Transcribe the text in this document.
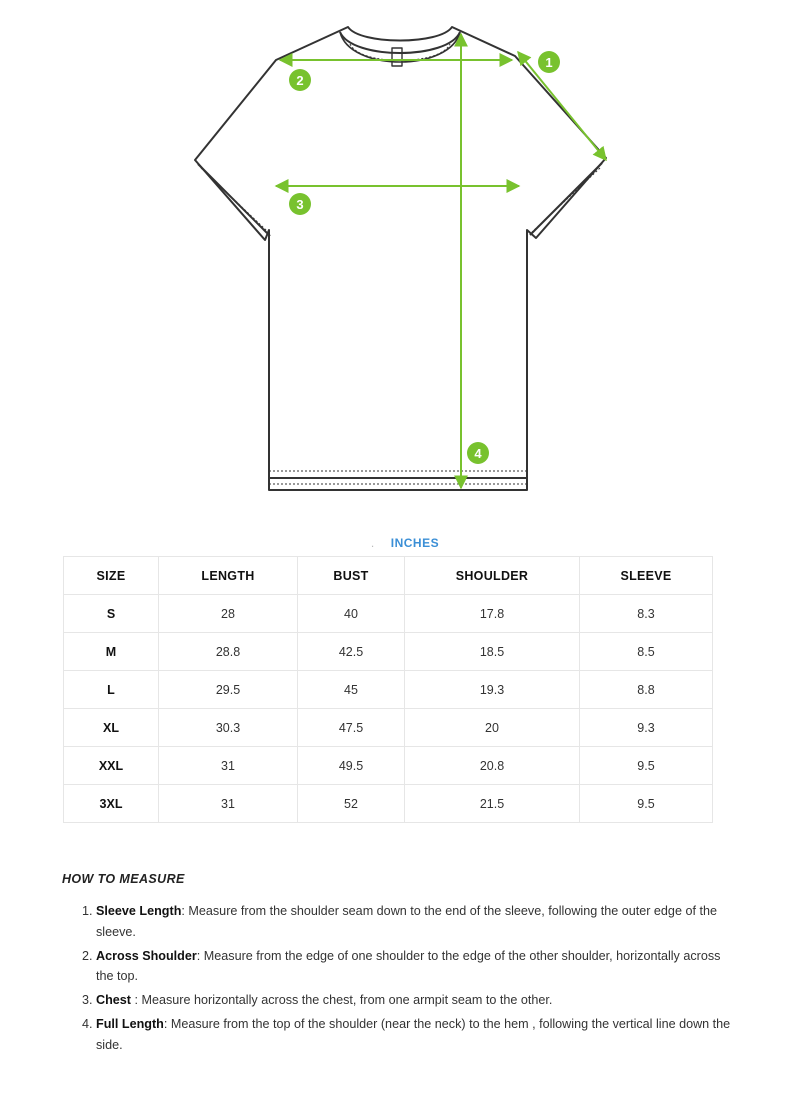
1
2
3
4
. INCHES
SIZE	LENGTH	BUST	SHOULDER	SLEEVE
S	28	40	17.8	8.3
M	28.8	42.5	18.5	8.5
L	29.5	45	19.3	8.8
XL	30.3	47.5	20	9.3
XXL	31	49.5	20.8	9.5
3XL	31	52	21.5	9.5
HOW TO MEASURE
1. Sleeve Length: Measure from the shoulder seam down to the end of the sleeve, following the outer edge of the sleeve.
2. Across Shoulder: Measure from the edge of one shoulder to the edge of the other shoulder, horizontally across the top.
3. Chest : Measure horizontally across the chest, from one armpit seam to the other.
4. Full Length: Measure from the top of the shoulder (near the neck) to the hem , following the vertical line down the side.
